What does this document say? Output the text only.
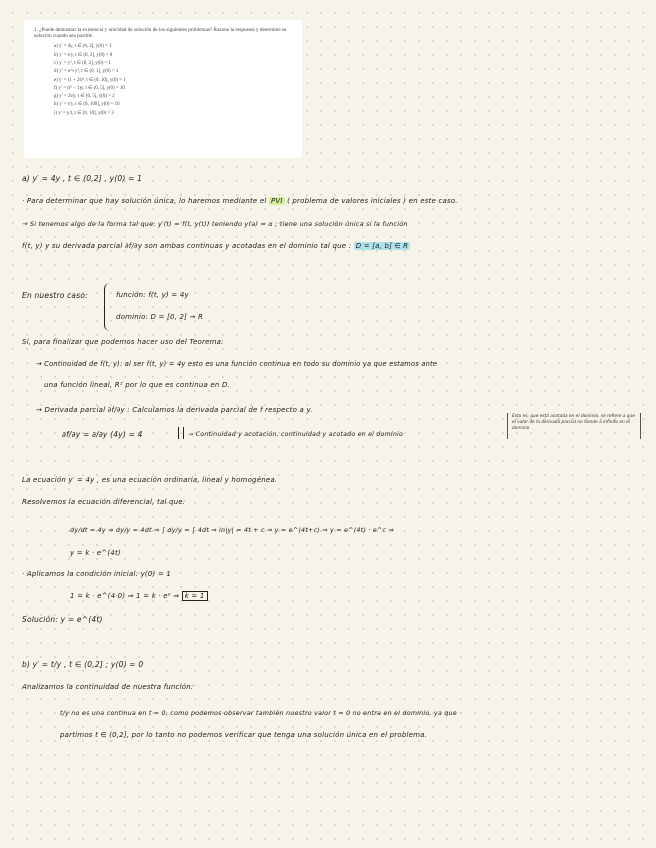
1. ¿Puede demostrar la existencia y unicidad de solución de los siguientes problemas? Razone la respuesta y determine su solución cuando sea posible
a) y′ = 4y, t ∈ (0, 2], y(0) = 1
b) y′ = t/y, t ∈ (0, 2], y(0) = 0
c) y′ = y², t ∈ (0, 2], y(0) = 1
d) y′ = e^t y², t ∈ (0, 1], y(0) = 1
e) y′ = (1 + 2t)², t ∈ (0, 10], y(0) = 1
f) y′ = (t² − 1)y, t ∈ (0, 5], y(0) = 10
g) y′ = 2t/y, t ∈ (0, 5], y(0) = 2
h) y′ = t/y, t ∈ (0, 100], y(0) = 10
i) y′ = y/t, t ∈ (0, 10], y(0) = 3
a) y′ = 4y , t ∈ (0,2] , y(0) = 1
· Para determinar que hay solución única, lo haremos mediante el PVI ( problema de valores iniciales ) en este caso.
→ Si tenemos algo de la forma tal que: y′(t) = f(t, y(t)) teniendo y(a) = α ; tiene una solución única si la función
f(t, y) y su derivada parcial ∂f/∂y son ambas continuas y acotadas en el dominio tal que : D = [a, b] ∈ R
En nuestro caso:	función: f(t, y) = 4y
dominio: D = [0, 2] → R
Sí, para finalizar que podemos hacer uso del Teorema:
→ Continuidad de f(t, y): al ser f(t, y) = 4y esto es una función continua en todo su dominio ya que estamos ante
una función lineal, R² por lo que es continua en D.
→ Derivada parcial ∂f/∂y : Calculamos la derivada parcial de f respecto a y.
∂f/∂y = ∂/∂y (4y) = 4	→ Continuidad y acotación, continuidad y acotado en el dominio
Esto es, que está acotada en el dominio, se refiere a que el valor de la derivada parcial no tiende a infinito en el dominio
La ecuación y′ = 4y , es una ecuación ordinaria, lineal y homogénea.
Resolvemos la ecuación diferencial, tal que:
dy/dt = 4y ⇒ dy/y = 4dt ⇒ ∫ dy/y = ∫ 4dt ⇒ ln|y| = 4t + c ⇒ y = e^(4t+c) ⇒ y = e^(4t) · e^c ⇒
y = k · e^(4t)
· Aplicamos la condición inicial: y(0) = 1
1 = k · e^(4·0) ⇒ 1 = k · e⁰ ⇒ k = 1
Solución: y = e^(4t)
b) y′ = t/y , t ∈ (0,2] ; y(0) = 0
Analizamos la continuidad de nuestra función:
t/y no es una continua en t = 0, como podemos observar también nuestro valor t = 0 no entra en el dominio, ya que
partimos t ∈ (0,2], por lo tanto no podemos verificar que tenga una solución única en el problema.
